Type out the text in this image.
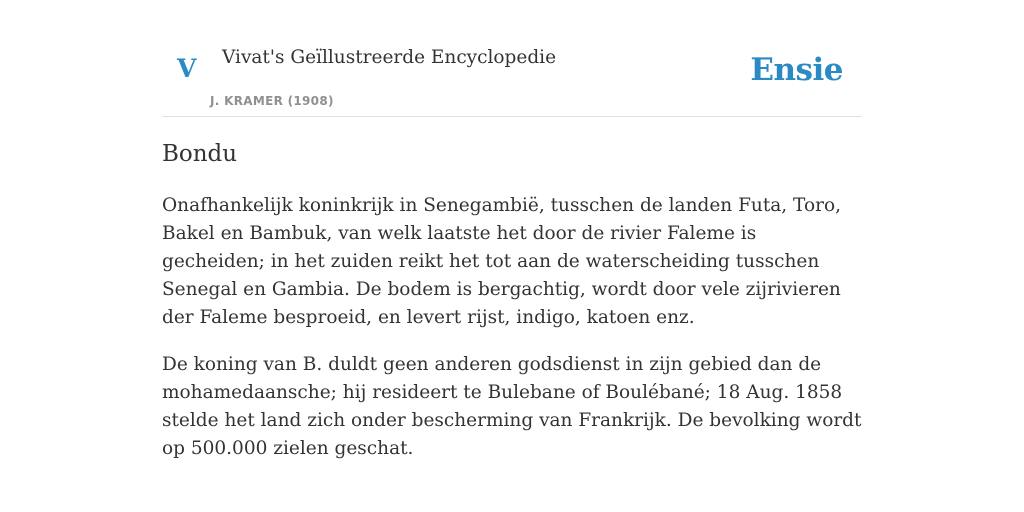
V Vivat's Geïllustreerde Encyclopedie
J. KRAMER (1908)
Ensie
Bondu

Onafhankelijk koninkrijk in Senegambië, tusschen de landen Futa, Toro, Bakel en Bambuk, van welk laatste het door de rivier Faleme is gecheiden; in het zuiden reikt het tot aan de waterscheiding tusschen Senegal en Gambia. De bodem is bergachtig, wordt door vele zijrivieren der Faleme besproeid, en levert rijst, indigo, katoen enz.

De koning van B. duldt geen anderen godsdienst in zijn gebied dan de mohamedaansche; hij resideert te Bulebane of Boulébané; 18 Aug. 1858 stelde het land zich onder bescherming van Frankrijk. De bevolking wordt op 500.000 zielen geschat.
